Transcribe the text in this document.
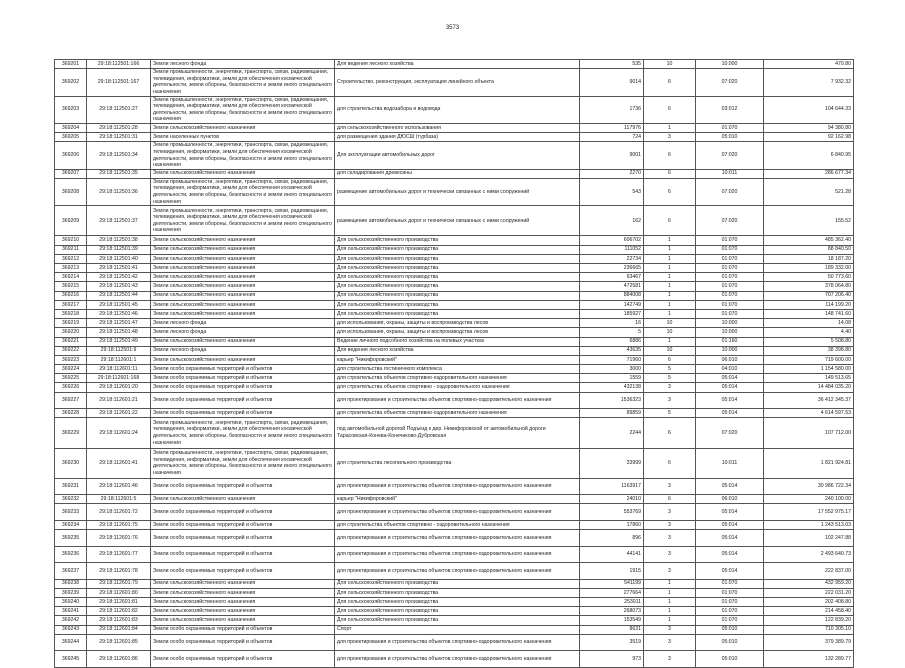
3573
369201	29:18:112501:166	Земли лесного фонда	Для ведения лесного хозяйства	535	10	10:000	470.80
369202	29:18:112501:167	Земли промышленности, энергетики, транспорта, связи, радиовещания, телевидения, информатики, земли для обеспечения космической деятельности, земли обороны, безопасности и земли иного специального назначения	Строительство, реконструкция, эксплуатация линейного объекта	9014	6	07:020	7 932.32
369203	29:18:112501:27	Земли промышленности, энергетики, транспорта, связи, радиовещания, телевидения, информатики, земли для обеспечения космической деятельности, земли обороны, безопасности и земли иного специального назначения	для строительства водозабора и водовода	1736	6	03:012	104 644.33
369204	29:18:112501:28	Земли сельскохозяйственного назначения	для сельскохозяйственного использования	117976	1	01:070	94 380.80
369205	29:18:112501:31	Земли населенных пунктов	для размещения здания ДЮСШ (турбаза)	724	3	05:010	92 162.98
369206	29:18:112501:34	Земли промышленности, энергетики, транспорта, связи, радиовещания, телевидения, информатики, земли для обеспечения космической деятельности, земли обороны, безопасности и земли иного специального назначения	Для эксплуатации автомобильных дорог	9001	6	07:020	6 840.95
369207	29:18:112501:35	Земли сельскохозяйственного назначения	для складирования древесины	2270	6	10:011	286 677.34
369208	29:18:112501:36	Земли промышленности, энергетики, транспорта, связи, радиовещания, телевидения, информатики, земли для обеспечения космической деятельности, земли обороны, безопасности и земли иного специального назначения	размещение автомобильных дорог и технически связанных с ними сооружений	543	6	07:020	521.28
369209	29:18:112501:37	Земли промышленности, энергетики, транспорта, связи, радиовещания, телевидения, информатики, земли для обеспечения космической деятельности, земли обороны, безопасности и земли иного специального назначения	размещение автомобильных дорог и технически связанных с ними сооружений	162	6	07:020	155.52
369210	29:18:112501:38	Земли сельскохозяйственного назначения	Для сельскохозяйственного производства	606702	1	01:070	485 362.40
369211	29:18:112501:39	Земли сельскохозяйственного назначения	Для сельскохозяйственного производства	111052	1	01:070	88 840.50
369212	29:18:112501:40	Земли сельскохозяйственного назначения	Для сельскохозяйственного производства	22734	1	01:070	18 187.20
369213	29:18:112501:41	Земли сельскохозяйственного назначения	Для сельскохозяйственного производства	236665	1	01:070	189 332.00
369214	29:18:112501:42	Земли сельскохозяйственного назначения	Для сельскохозяйственного производства	63467	1	01:070	50 773.60
369215	29:18:112501:43	Земли сельскохозяйственного назначения	Для сельскохозяйственного производства	472581	1	01:070	378 064.80
369216	29:18:112501:44	Земли сельскохозяйственного назначения	Для сельскохозяйственного производства	884008	1	01:070	707 206.40
369217	29:18:112501:45	Земли сельскохозяйственного назначения	Для сельскохозяйственного производства	142749	1	01:070	114 199.20
369218	29:18:112501:46	Земли сельскохозяйственного назначения	Для сельскохозяйственного производства	185927	1	01:070	148 741.60
369219	29:18:112501:47	Земли лесного фонда	для использования, охраны, защиты и воспроизводства лесов	16	10	10:000	14.08
369220	29:18:112501:48	Земли лесного фонда	для использования, охраны, защиты и воспроизводства лесов	5	10	10:000	4.40
369221	29:18:112501:49	Земли сельскохозяйственного назначения	Ведение личного подсобного хозяйства на полевых участках	6886	1	01:160	5 508.80
369222	29:18:112501:9	Земли лесного фонда	Для ведения лесного хозяйства	43635	10	10:000	38 398.80
369223	29:18:112601:1	Земли сельскохозяйственного назначения	карьер "Никифоровский"	71960	6	06:010	719 600.00
369224	29:18:112601:11	Земли особо охраняемых территорий и объектов	для строительства гостиничного комплекса	3000	5	04:010	1 154 580.00
369225	29:18:112601:168	Земли особо охраняемых территорий и объектов	для строительства объектов спортивно-оздоровительного назначения	1559	5	05:014	149 513.65
369226	29:18:112601:20	Земли особо охраняемых территорий и объектов	для строительства объектов спортивно - оздоровительного назначения	432138	3	05:014	14 484 035.20
369227	29:18:112601:21	Земли особо охраняемых территорий и объектов	для проектирования и строительства объектов спортивно-оздоровительного назначения	1536323	3	05:014	36 412 345.37
369228	29:18:112601:22	Земли особо охраняемых территорий и объектов	для строительства объектов спортивно-оздоровительного назначения	89859	5	05:014	4 614 597.53
369229	29:18:112601:24	Земли промышленности, энергетики, транспорта, связи, радиовещания, телевидения, информатики, земли для обеспечения космической деятельности, земли обороны, безопасности и земли иного специального назначения	под автомобильной дорогой Подъезд к дер. Никифоровской от автомобильной дороги Тарасовская-Конева-Конечиково-Дубровская	2244	6	07:020	107 712.00
369230	29:18:112601:41	Земли промышленности, энергетики, транспорта, связи, радиовещания, телевидения, информатики, земли для обеспечения космической деятельности, земли обороны, безопасности и земли иного специального назначения	для строительства лесопильного производства	33999	6	10:011	1 821 924.81
369231	29:18:112601:46	Земли особо охраняемых территорий и объектов	для проектирования и строительства объектов спортивно-оздоровительного назначения	1163917	3	05:014	30 986 722.34
369232	29:18:112601:5	Земли сельскохозяйственного назначения	карьер "Никифоровский"	24010	6	06:010	240 100.00
369233	29:18:112601:72	Земли особо охраняемых территорий и объектов	для проектирования и строительства объектов спортивно-оздоровительного назначения	553769	3	05:014	17 552 975.17
369234	29:18:112601:75	Земли особо охраняемых территорий и объектов	для строительства объектов спортивно - оздоровительного назначения	17860	3	05:014	1 243 513.03
369235	29:18:112601:76	Земли особо охраняемых территорий и объектов	для проектирования и строительства объектов спортивно-оздоровительного назначения	896	3	05:014	102 247.88
369236	29:18:112601:77	Земли особо охраняемых территорий и объектов	для проектирования и строительства объектов спортивно-оздоровительного назначения	44141	3	05:014	2 493 640.73
369237	29:18:112601:78	Земли особо охраняемых территорий и объектов	для проектирования и строительства объектов спортивно-оздоровительного назначения	1915	3	05:014	222 837.00
369238	29:18:112601:79	Земли сельскохозяйственного назначения	Для сельскохозяйственного производства	541199	1	01:070	432 959.20
369239	29:18:112601:80	Земли сельскохозяйственного назначения	Для сельскохозяйственного производства	277664	1	01:070	222 031.20
369240	29:18:112601:81	Земли сельскохозяйственного назначения	Для сельскохозяйственного производства	253011	1	01:070	202 408.80
369241	29:18:112601:82	Земли сельскохозяйственного назначения	Для сельскохозяйственного производства	268073	1	01:070	214 458.40
369242	29:18:112601:83	Земли сельскохозяйственного назначения	Для сельскохозяйственного производства	153549	1	01:070	122 839.20
369243	29:18:112601:84	Земли особо охраняемых территорий и объектов	Спорт	8631	3	05:010	710 305.10
369244	29:18:112601:85	Земли особо охраняемых территорий и объектов	для проектирования и строительства объектов спортивно-оздоровительного назначения	3519	3	05:010	379 389.79
369245	29:18:112601:86	Земли особо охраняемых территорий и объектов	для проектирования и строительства объектов спортивно-оздоровительного назначения	973	3	05:010	132 289.77
